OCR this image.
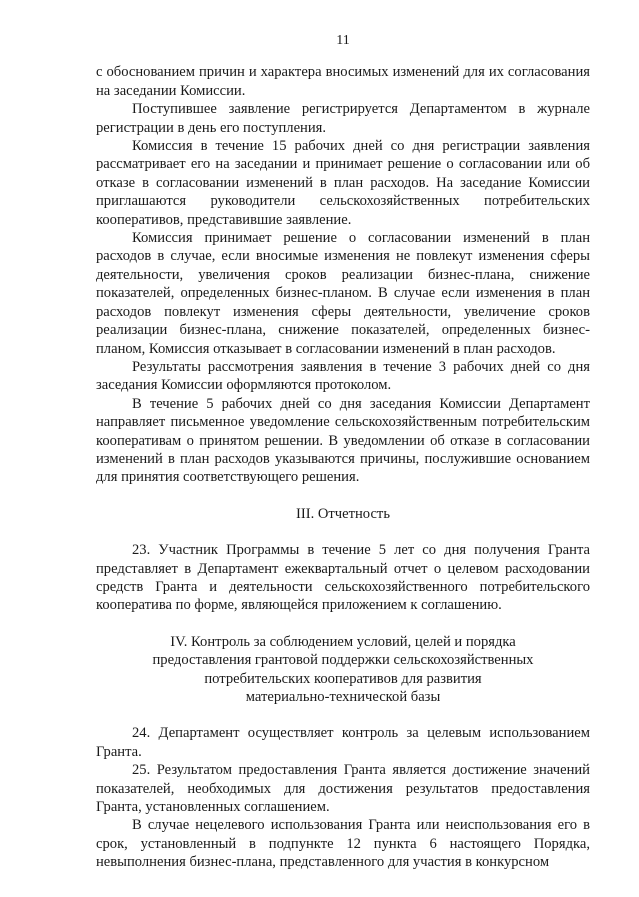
11

с обоснованием причин и характера вносимых изменений для их согласования на заседании Комиссии.

Поступившее заявление регистрируется Департаментом в журнале регистрации в день его поступления.

Комиссия в течение 15 рабочих дней со дня регистрации заявления рассматривает его на заседании и принимает решение о согласовании или об отказе в согласовании изменений в план расходов. На заседание Комиссии приглашаются руководители сельскохозяйственных потребительских кооперативов, представившие заявление.

Комиссия принимает решение о согласовании изменений в план расходов в случае, если вносимые изменения не повлекут изменения сферы деятельности, увеличения сроков реализации бизнес-плана, снижение показателей, определенных бизнес-планом. В случае если изменения в план расходов повлекут изменения сферы деятельности, увеличение сроков реализации бизнес-плана, снижение показателей, определенных бизнес-планом, Комиссия отказывает в согласовании изменений в план расходов.

Результаты рассмотрения заявления в течение 3 рабочих дней со дня заседания Комиссии оформляются протоколом.

В течение 5 рабочих дней со дня заседания Комиссии Департамент направляет письменное уведомление сельскохозяйственным потребительским кооперативам о принятом решении. В уведомлении об отказе в согласовании изменений в план расходов указываются причины, послужившие основанием для принятия соответствующего решения.

III. Отчетность

23. Участник Программы в течение 5 лет со дня получения Гранта представляет в Департамент ежеквартальный отчет о целевом расходовании средств Гранта и деятельности сельскохозяйственного потребительского кооператива по форме, являющейся приложением к соглашению.

IV. Контроль за соблюдением условий, целей и порядка
предоставления грантовой поддержки сельскохозяйственных
потребительских кооперативов для развития
материально-технической базы

24. Департамент осуществляет контроль за целевым использованием Гранта.

25. Результатом предоставления Гранта является достижение значений показателей, необходимых для достижения результатов предоставления Гранта, установленных соглашением.

В случае нецелевого использования Гранта или неиспользования его в срок, установленный в подпункте 12 пункта 6 настоящего Порядка, невыполнения бизнес-плана, представленного для участия в конкурсном
